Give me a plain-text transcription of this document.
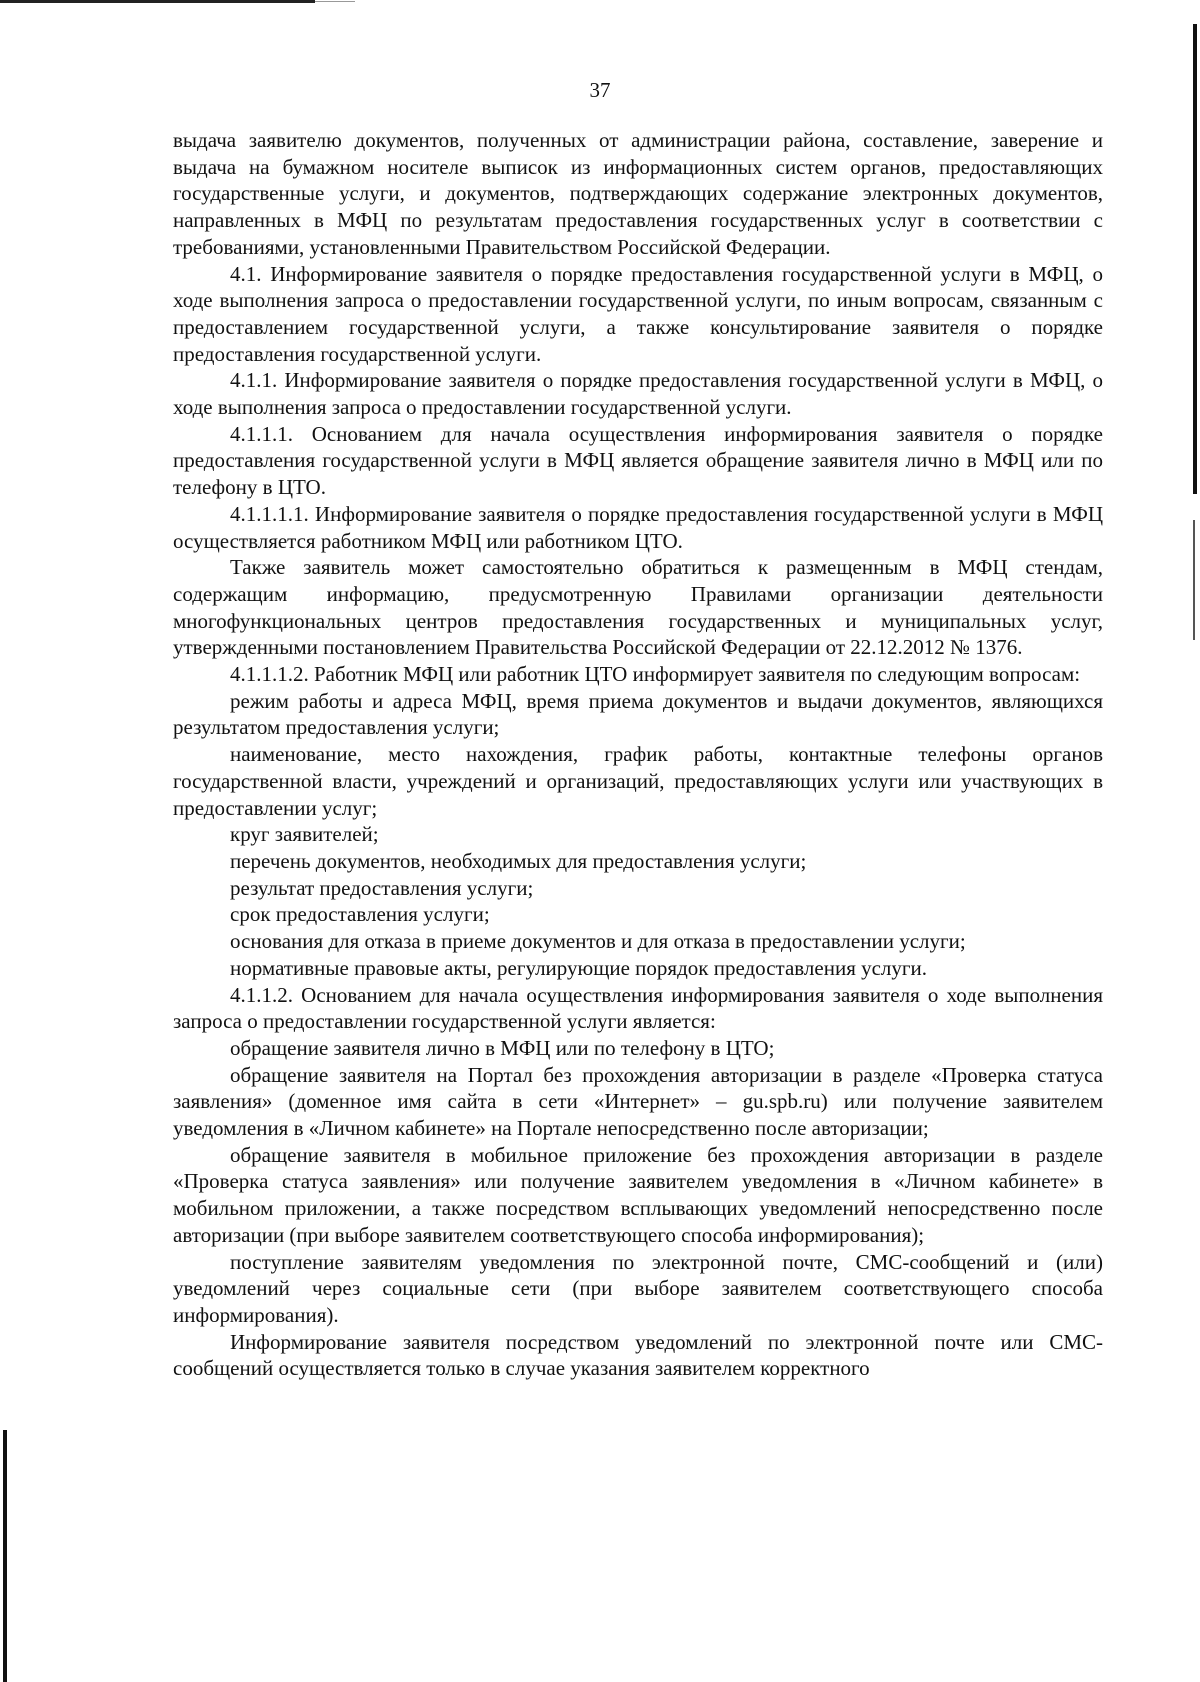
37

выдача заявителю документов, полученных от администрации района, составление, заверение и выдача на бумажном носителе выписок из информационных систем органов, предоставляющих государственные услуги, и документов, подтверждающих содержание электронных документов, направленных в МФЦ по результатам предоставления государственных услуг в соответствии с требованиями, установленными Правительством Российской Федерации.

4.1. Информирование заявителя о порядке предоставления государственной услуги в МФЦ, о ходе выполнения запроса о предоставлении государственной услуги, по иным вопросам, связанным с предоставлением государственной услуги, а также консультирование заявителя о порядке предоставления государственной услуги.

4.1.1. Информирование заявителя о порядке предоставления государственной услуги в МФЦ, о ходе выполнения запроса о предоставлении государственной услуги.

4.1.1.1. Основанием для начала осуществления информирования заявителя о порядке предоставления государственной услуги в МФЦ является обращение заявителя лично в МФЦ или по телефону в ЦТО.

4.1.1.1.1. Информирование заявителя о порядке предоставления государственной услуги в МФЦ осуществляется работником МФЦ или работником ЦТО.

Также заявитель может самостоятельно обратиться к размещенным в МФЦ стендам, содержащим информацию, предусмотренную Правилами организации деятельности многофункциональных центров предоставления государственных и муниципальных услуг, утвержденными постановлением Правительства Российской Федерации от 22.12.2012 № 1376.

4.1.1.1.2. Работник МФЦ или работник ЦТО информирует заявителя по следующим вопросам:

режим работы и адреса МФЦ, время приема документов и выдачи документов, являющихся результатом предоставления услуги;

наименование, место нахождения, график работы, контактные телефоны органов государственной власти, учреждений и организаций, предоставляющих услуги или участвующих в предоставлении услуг;

круг заявителей;

перечень документов, необходимых для предоставления услуги;

результат предоставления услуги;

срок предоставления услуги;

основания для отказа в приеме документов и для отказа в предоставлении услуги;

нормативные правовые акты, регулирующие порядок предоставления услуги.

4.1.1.2. Основанием для начала осуществления информирования заявителя о ходе выполнения запроса о предоставлении государственной услуги является:

обращение заявителя лично в МФЦ или по телефону в ЦТО;

обращение заявителя на Портал без прохождения авторизации в разделе «Проверка статуса заявления» (доменное имя сайта в сети «Интернет» – gu.spb.ru) или получение заявителем уведомления в «Личном кабинете» на Портале непосредственно после авторизации;

обращение заявителя в мобильное приложение без прохождения авторизации в разделе «Проверка статуса заявления» или получение заявителем уведомления в «Личном кабинете» в мобильном приложении, а также посредством всплывающих уведомлений непосредственно после авторизации (при выборе заявителем соответствующего способа информирования);

поступление заявителям уведомления по электронной почте, СМС-сообщений и (или) уведомлений через социальные сети (при выборе заявителем соответствующего способа информирования).

Информирование заявителя посредством уведомлений по электронной почте или СМС-сообщений осуществляется только в случае указания заявителем корректного
